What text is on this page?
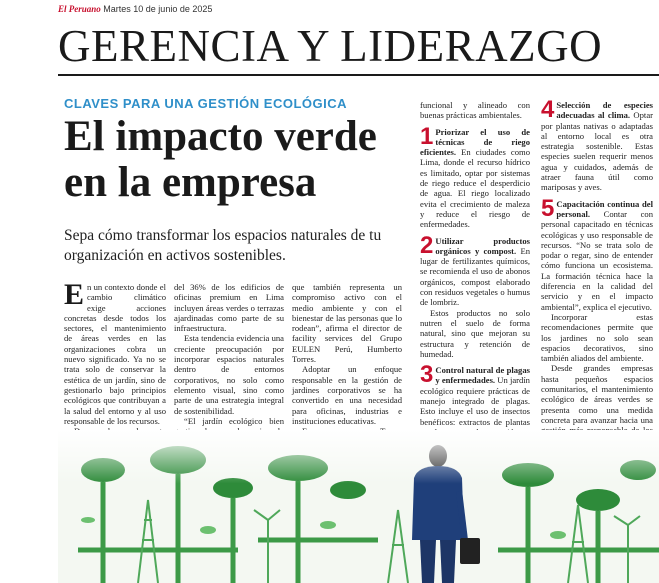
El Peruano Martes 10 de junio de 2025
GERENCIA Y LIDERAZGO
CLAVES PARA UNA GESTIÓN ECOLÓGICA
El impacto verde
en la empresa
Sepa cómo transformar los espacios naturales de tu organización en activos sostenibles.

En un contexto donde el cambio climático exige acciones concretas desde todos los sectores, el mantenimiento de áreas verdes en las organizaciones cobra un nuevo significado. Ya no se trata solo de conservar la estética de un jardín, sino de gestionarlo bajo principios ecológicos que contribuyan a la salud del entorno y al uso responsable de los recursos.

del 36% de los edificios de oficinas premium en Lima incluyen áreas verdes o terrazas ajardinadas como parte de su infraestructura.

Esta tendencia evidencia una creciente preocupación por incorporar espacios naturales dentro de entornos corporativos, no solo como elemento visual, sino como parte de una estrategia integral de sostenibilidad.

“El jardín ecológico bien

que también representa un compromiso activo con el medio ambiente y con el bienestar de las personas que lo rodean”, afirma el director de facility services del Grupo EULEN Perú, Humberto Torres.

Adoptar un enfoque responsable en la gestión de jardines corporativos se ha convertido en una necesidad para oficinas, industrias e instituciones educativas.

funcional y alineado con buenas prácticas ambientales.

1 Priorizar el uso de técnicas de riego eficientes. En ciudades como Lima, donde el recurso hídrico es limitado, optar por sistemas de riego reduce el desperdicio de agua. El riego localizado evita el crecimiento de maleza y reduce el riesgo de enfermedades.

2 Utilizar productos orgánicos y compost. En lugar de fertilizantes químicos, se recomienda el uso de abonos orgánicos, compost elaborado con residuos vegetales o humus de lombriz.

Estos productos no solo nutren el suelo de forma natural, sino que mejoran su estructura y retención de humedad.

3 Control natural de plagas y enfermedades. Un jardín ecológico requiere prácticas de manejo integrado de plagas. Esto incluye el uso de insectos benéficos: extractos de plantas

4 Selección de especies adecuadas al clima. Optar por plantas nativas o adaptadas al entorno local es otra estrategia sostenible. Estas especies suelen requerir menos agua y cuidados, además de atraer fauna útil como mariposas y aves.

5 Capacitación continua del personal. Contar con personal capacitado en técnicas ecológicas y uso responsable de recursos. “No se trata solo de podar o regar, sino de entender cómo funciona un ecosistema. La formación técnica hace la diferencia en la calidad del servicio y en el impacto ambiental”, explica el ejecutivo.

Incorporar estas recomendaciones permite que los jardines no solo sean espacios decorativos, sino también aliados del ambiente.

Desde grandes empresas hasta pequeños espacios comunitarios, el mantenimiento ecológico de áreas verdes se presenta como una medida concreta para avanzar hacia una
